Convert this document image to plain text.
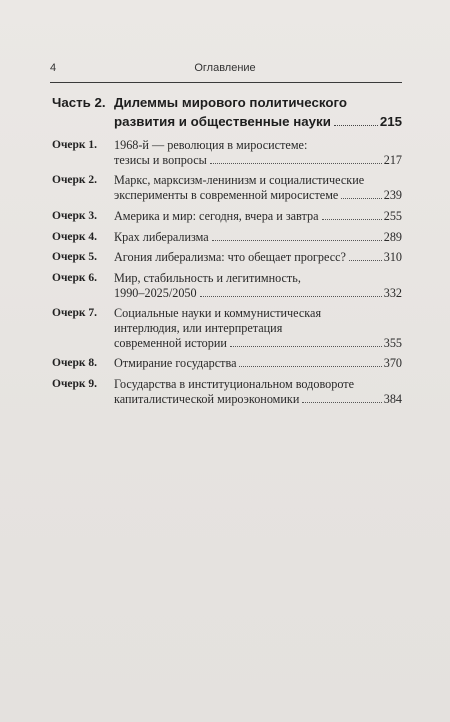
4	Оглавление
Часть 2. Дилеммы мирового политического
развития и общественные науки	215
Очерк 1. 1968-й — революция в миросистеме:
тезисы и вопросы	217
Очерк 2. Маркс, марксизм-ленинизм и социалистические
эксперименты в современной миросистеме	239
Очерк 3. Америка и мир: сегодня, вчера и завтра	255
Очерк 4. Крах либерализма	289
Очерк 5. Агония либерализма: что обещает прогресс?	310
Очерк 6. Мир, стабильность и легитимность,
1990–2025/2050	332
Очерк 7. Социальные науки и коммунистическая
интерлюдия, или интерпретация
современной истории	355
Очерк 8. Отмирание государства	370
Очерк 9. Государства в институциональном водовороте
капиталистической мироэкономики	384
